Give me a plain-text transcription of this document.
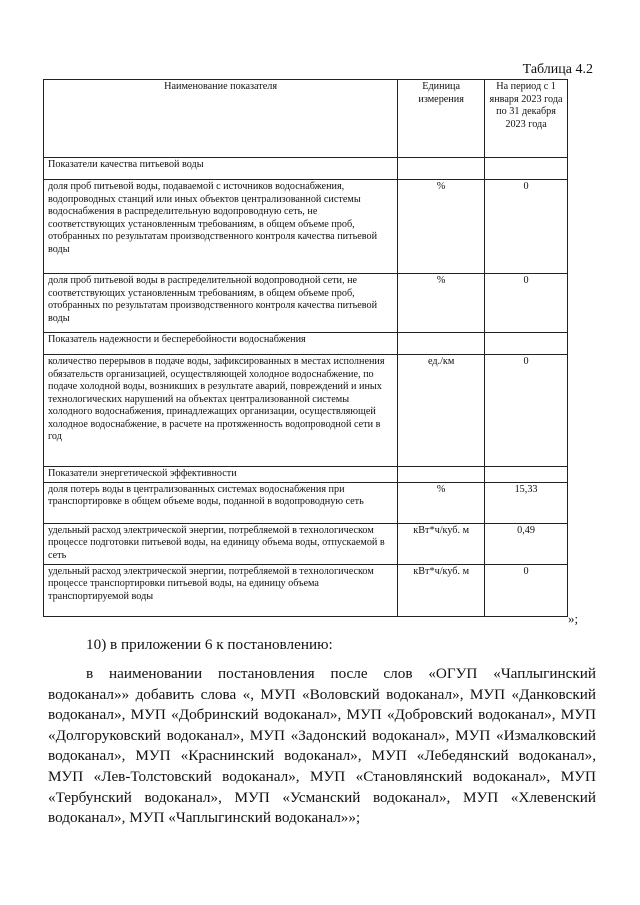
Таблица 4.2
Наименование показателя	Единица измерения	На период с 1 января 2023 года по 31 декабря 2023 года
Показатели качества питьевой воды		
доля проб питьевой воды, подаваемой с источников водоснабжения, водопроводных станций или иных объектов централизованной системы водоснабжения в распределительную водопроводную сеть, не соответствующих установленным требованиям, в общем объеме проб, отобранных по результатам производственного контроля качества питьевой воды	%	0
доля проб питьевой воды в распределительной водопроводной сети, не соответствующих установленным требованиям, в общем объеме проб, отобранных по результатам производственного контроля качества питьевой воды	%	0
Показатель надежности и бесперебойности водоснабжения		
количество перерывов в подаче воды, зафиксированных в местах исполнения обязательств организацией, осуществляющей холодное водоснабжение, по подаче холодной воды, возникших в результате аварий, повреждений и иных технологических нарушений на объектах централизованной системы холодного водоснабжения, принадлежащих организации, осуществляющей холодное водоснабжение, в расчете на протяженность водопроводной сети в год	ед./км	0
Показатели энергетической эффективности		
доля потерь воды в централизованных системах водоснабжения при транспортировке в общем объеме воды, поданной в водопроводную сеть	%	15,33
удельный расход электрической энергии, потребляемой в технологическом процессе подготовки питьевой воды, на единицу объема воды, отпускаемой в сеть	кВт*ч/куб. м	0,49
удельный расход электрической энергии, потребляемой в технологическом процессе транспортировки питьевой воды, на единицу объема транспортируемой воды	кВт*ч/куб. м	0
»;
10) в приложении 6 к постановлению:
в наименовании постановления после слов «ОГУП «Чаплыгинский водоканал»» добавить слова «, МУП «Воловский водоканал», МУП «Данковский водоканал», МУП «Добринский водоканал», МУП «Добровский водоканал», МУП «Долгоруковский водоканал», МУП «Задонский водоканал», МУП «Измалковский водоканал», МУП «Краснинский водоканал», МУП «Лебедянский водоканал», МУП «Лев-Толстовский водоканал», МУП «Становлянский водоканал», МУП «Тербунский водоканал», МУП «Усманский водоканал», МУП «Хлевенский водоканал», МУП «Чаплыгинский водоканал»»;
